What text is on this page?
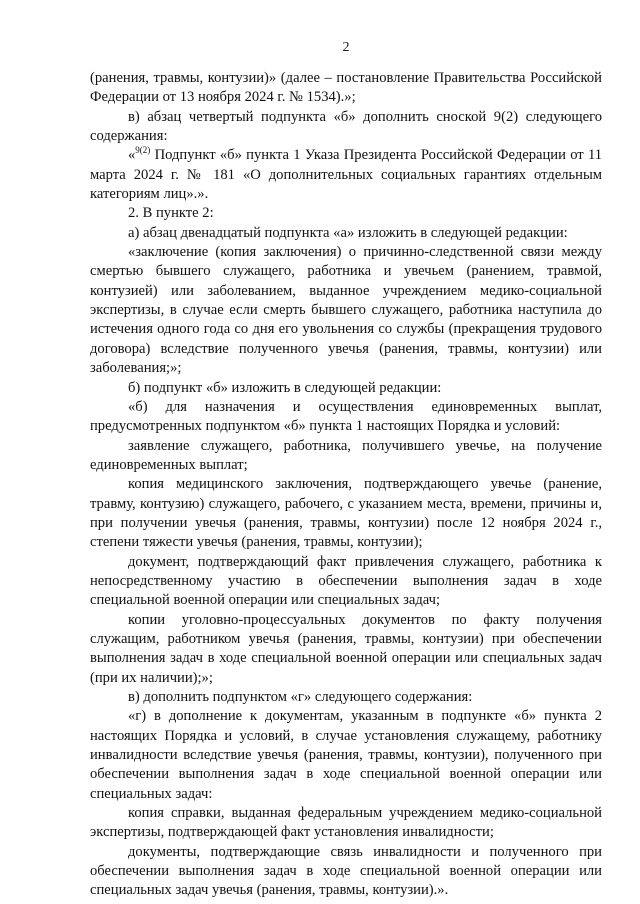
2

(ранения, травмы, контузии)» (далее – постановление Правительства Российской Федерации от 13 ноября 2024 г. № 1534).»;

в) абзац четвертый подпункта «б» дополнить сноской 9(2) следующего содержания:

«$^{9(2)}$ Подпункт «б» пункта 1 Указа Президента Российской Федерации от 11 марта 2024 г. № 181 «О дополнительных социальных гарантиях отдельным категориям лиц».».

2. В пункте 2:

а) абзац двенадцатый подпункта «а» изложить в следующей редакции:

«заключение (копия заключения) о причинно-следственной связи между смертью бывшего служащего, работника и увечьем (ранением, травмой, контузией) или заболеванием, выданное учреждением медико-социальной экспертизы, в случае если смерть бывшего служащего, работника наступила до истечения одного года со дня его увольнения со службы (прекращения трудового договора) вследствие полученного увечья (ранения, травмы, контузии) или заболевания;»;

б) подпункт «б» изложить в следующей редакции:

«б) для назначения и осуществления единовременных выплат, предусмотренных подпунктом «б» пункта 1 настоящих Порядка и условий:

заявление служащего, работника, получившего увечье, на получение единовременных выплат;

копия медицинского заключения, подтверждающего увечье (ранение, травму, контузию) служащего, рабочего, с указанием места, времени, причины и, при получении увечья (ранения, травмы, контузии) после 12 ноября 2024 г., степени тяжести увечья (ранения, травмы, контузии);

документ, подтверждающий факт привлечения служащего, работника к непосредственному участию в обеспечении выполнения задач в ходе специальной военной операции или специальных задач;

копии уголовно-процессуальных документов по факту получения служащим, работником увечья (ранения, травмы, контузии) при обеспечении выполнения задач в ходе специальной военной операции или специальных задач (при их наличии);»;

в) дополнить подпунктом «г» следующего содержания:

«г) в дополнение к документам, указанным в подпункте «б» пункта 2 настоящих Порядка и условий, в случае установления служащему, работнику инвалидности вследствие увечья (ранения, травмы, контузии), полученного при обеспечении выполнения задач в ходе специальной военной операции или специальных задач:

копия справки, выданная федеральным учреждением медико-социальной экспертизы, подтверждающей факт установления инвалидности;

документы, подтверждающие связь инвалидности и полученного при обеспечении выполнения задач в ходе специальной военной операции или специальных задач увечья (ранения, травмы, контузии).».
